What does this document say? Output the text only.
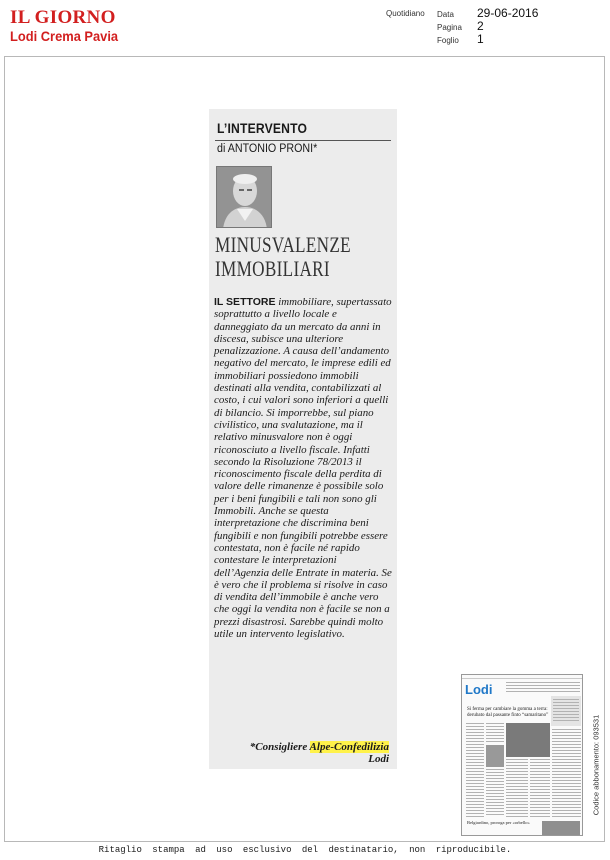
IL GIORNO
Lodi Crema Pavia
Quotidiano Data	29-06-2016
Pagina	2
Foglio	1
L’INTERVENTO
di ANTONIO PRONI*
MINUSVALENZE
IMMOBILIARI
IL SETTORE immobiliare, supertassato soprattutto a livello locale e danneggiato da un mercato da anni in discesa, subisce una ulteriore penalizzazione. A causa dell’andamento negativo del mercato, le imprese edili ed immobiliari possiedono immobili destinati alla vendita, contabilizzati al costo, i cui valori sono inferiori a quelli di bilancio. Si imporrebbe, sul piano civilistico, una svalutazione, ma il relativo minusvalore non è oggi riconosciuto a livello fiscale. Infatti secondo la Risoluzione 78/2013 il riconoscimento fiscale della perdita di valore delle rimanenze è possibile solo per i beni fungibili e tali non sono gli Immobili. Anche se questa interpretazione che discrimina beni fungibili e non fungibili potrebbe essere contestata, non è facile né rapido contestare le interpretazioni dell’Agenzia delle Entrate in materia. Se è vero che il problema si risolve in caso di vendita dell’immobile è anche vero che oggi la vendita non è facile se non a prezzi disastrosi. Sarebbe quindi molto utile un intervento legislativo.
*Consigliere Alpe-Confedilizia
Lodi
Lodi
Si ferma per cambiare la gomma a terra: derubato dal passante finto “samaritano”
Belgiardino, proroga per «orbello»
Codice abbonamento: 093531
Ritaglio stampa ad uso esclusivo del destinatario, non riproducibile.
